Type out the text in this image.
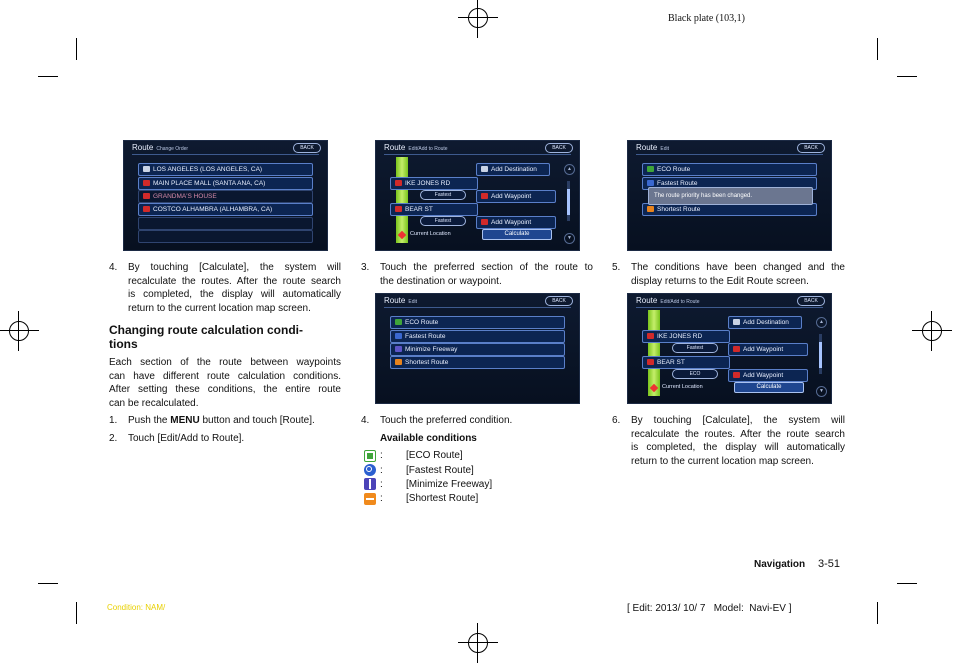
Black plate (103,1)
Route Change Order	BACK
LOS ANGELES (LOS ANGELES, CA)
MAIN PLACE MALL (SANTA ANA, CA)
GRANDMA'S HOUSE
COSTCO ALHAMBRA (ALHAMBRA, CA)
Route Edit/Add to Route	BACK
Add Destination
IKE JONES RD
Fastest	Add Waypoint
BEAR ST
Fastest	Add Waypoint
Current Location	Calculate
▲
▼
Route Edit	BACK
ECO Route
Fastest Route
Shortest Route
The route priority has been changed.
4. By touching [Calculate], the system will
recalculate the routes. After the route search
is completed, the display will automatically
return to the current location map screen.
Changing route calculation condi-
tions
Each section of the route between waypoints
can have different route calculation conditions.
After setting these conditions, the entire route
can be recalculated.
1. Push the MENU button and touch [Route].
2. Touch [Edit/Add to Route].
3. Touch the preferred section of the route to
the destination or waypoint.
Route Edit	BACK
ECO Route
Fastest Route
Minimize Freeway
Shortest Route
4. Touch the preferred condition.
Available conditions
: [ECO Route]
: [Fastest Route]
: [Minimize Freeway]
: [Shortest Route]
5. The conditions have been changed and the
display returns to the Edit Route screen.
Route Edit/Add to Route	BACK
Add Destination
IKE JONES RD
Fastest	Add Waypoint
BEAR ST
ECO	Add Waypoint
Current Location	Calculate
▲
▼
6. By touching [Calculate], the system will
recalculate the routes. After the route search
is completed, the display will automatically
return to the current location map screen.
Navigation 3-51
Condition: NAM/	[ Edit: 2013/ 10/ 7   Model:  Navi-EV ]
